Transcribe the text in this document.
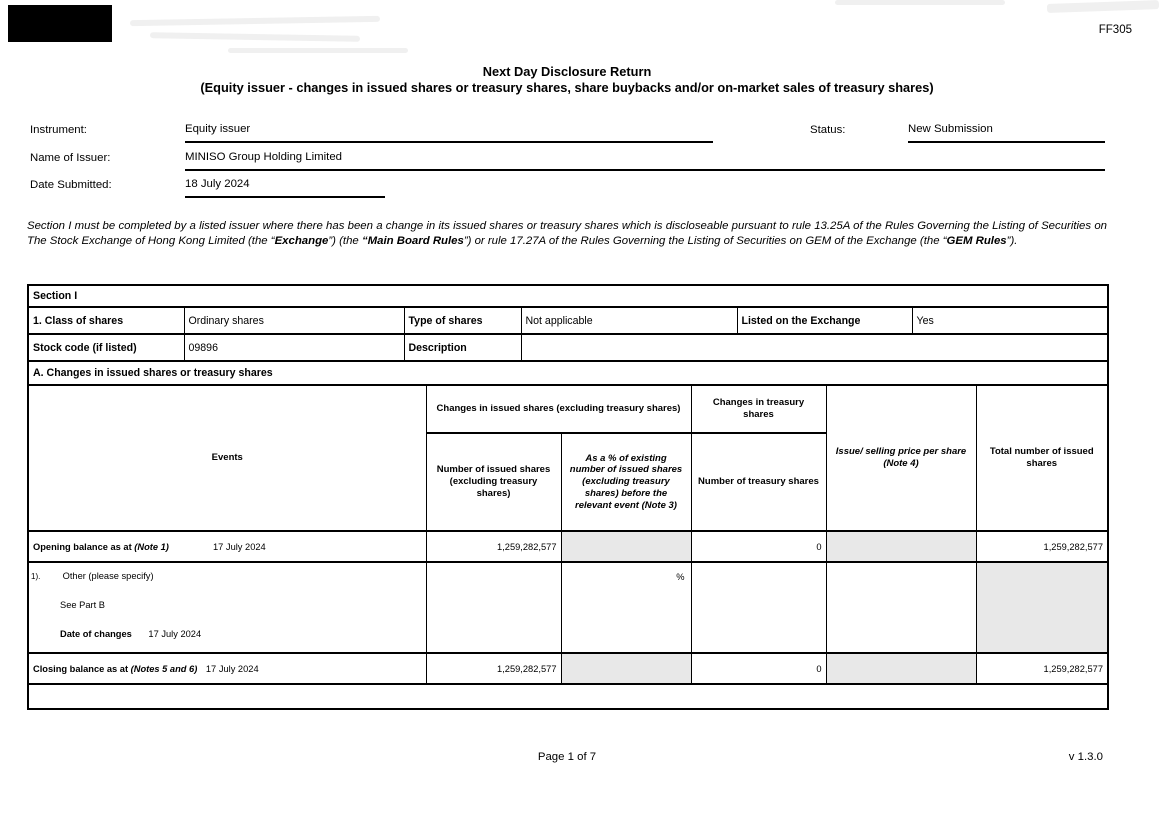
FF305
Next Day Disclosure Return
(Equity issuer - changes in issued shares or treasury shares, share buybacks and/or on-market sales of treasury shares)
Instrument:	Equity issuer	Status:	New Submission
Name of Issuer:	MINISO Group Holding Limited
Date Submitted:	18 July 2024
Section I must be completed by a listed issuer where there has been a change in its issued shares or treasury shares which is discloseable pursuant to rule 13.25A of the Rules Governing the Listing of Securities on The Stock Exchange of Hong Kong Limited (the “Exchange”) (the “Main Board Rules”) or rule 17.27A of the Rules Governing the Listing of Securities on GEM of the Exchange (the “GEM Rules”).
Section I					
1. Class of shares	Ordinary shares	Type of shares	Not applicable	Listed on the Exchange	Yes
Stock code (if listed)	09896	Description			
A. Changes in issued shares or treasury shares					
Events	Changes in issued shares (excluding treasury shares)		Changes in treasury shares	Issue/ selling price per share (Note 4)	Total number of issued shares
	Number of issued shares (excluding treasury shares)	As a % of existing number of issued shares (excluding treasury shares) before the relevant event (Note 3)	Number of treasury shares		
Opening balance as at (Note 1) 17 July 2024	1,259,282,577		0		1,259,282,577

1). Other (please specify)
See Part B
Date of changes 17 July 2024		%			
Closing balance as at (Notes 5 and 6) 17 July 2024	1,259,282,577		0		1,259,282,577

Page 1 of 7	v 1.3.0
